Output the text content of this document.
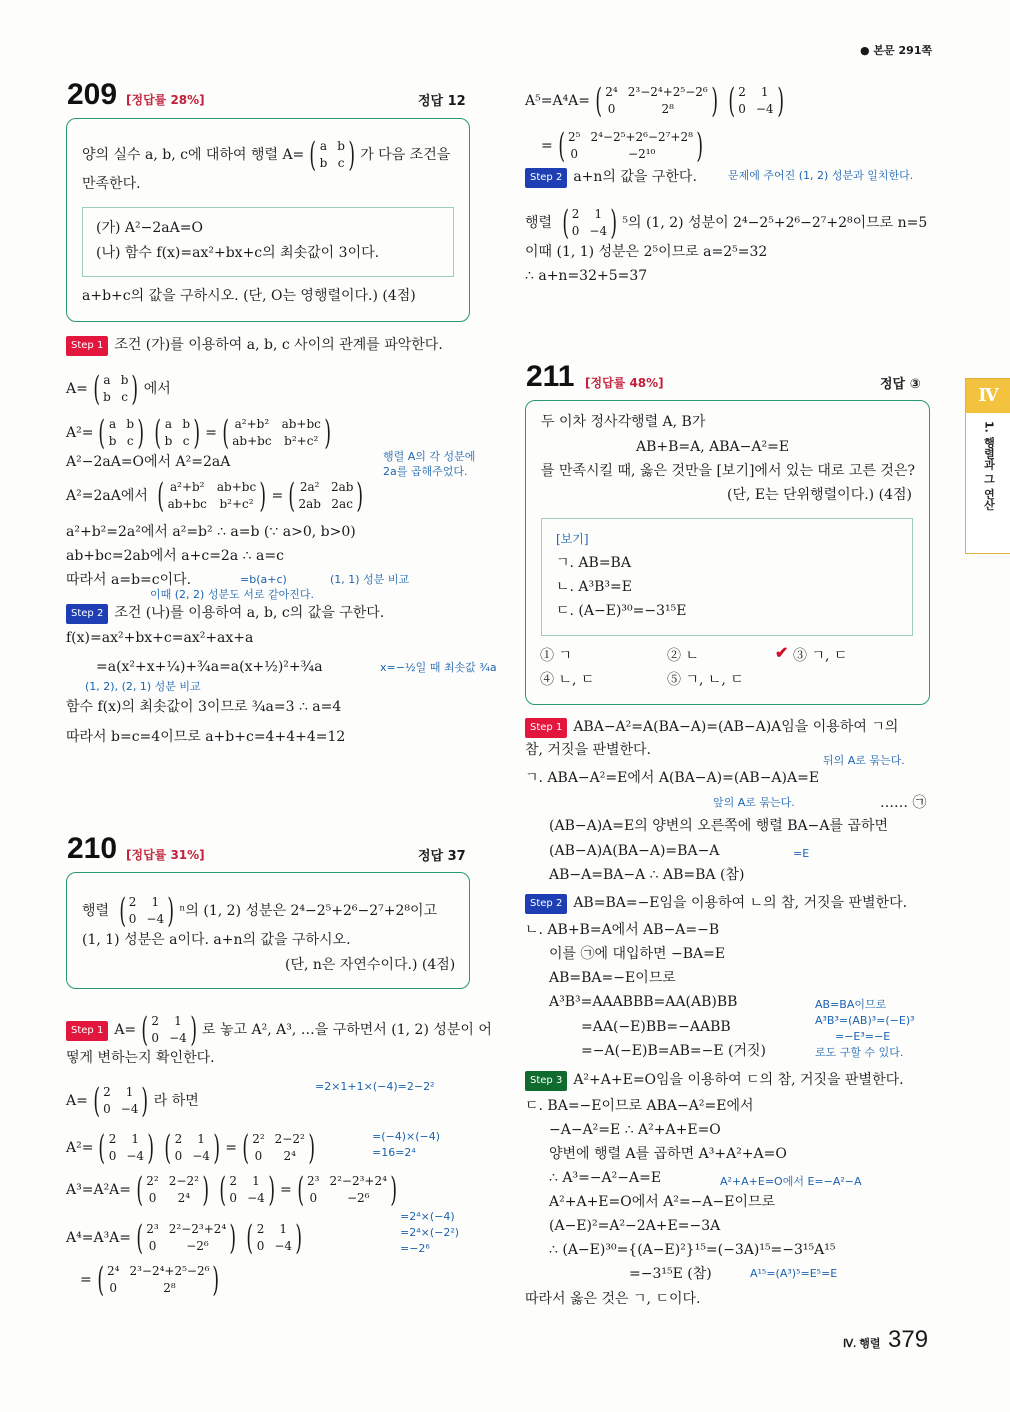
● 본문 291쪽
209 [정답률 28%]	정답 12
양의 실수 a, b, c에 대하여 행렬 A= ( a b
b c ) 가 다음 조건을
만족한다.
(가) A²−2aA=O
(나) 함수 f(x)=ax²+bx+c의 최솟값이 3이다.
a+b+c의 값을 구하시오. (단, O는 영행렬이다.) (4점)
Step 1 조건 (가)를 이용하여 a, b, c 사이의 관계를 파악한다.
A= ( a b
b c ) 에서
A²= ( a b
b c ) ( a b
b c ) = ( a²+b² ab+bc
ab+bc b²+c² )
A²−2aA=O에서 A²=2aA
A²=2aA에서 ( a²+b² ab+bc
ab+bc b²+c² ) = ( 2a² 2ab
2ab 2ac )
a²+b²=2a²에서 a²=b² ∴ a=b (∵ a>0, b>0)
ab+bc=2ab에서 a+c=2a ∴ a=c
따라서 a=b=c이다.
행렬 A의 각 성분에
2a를 곱해주었다.
=b(a+c)	(1, 1) 성분 비교
이때 (2, 2) 성분도 서로 같아진다.
Step 2 조건 (나)를 이용하여 a, b, c의 값을 구한다.
f(x)=ax²+bx+c=ax²+ax+a
=a(x²+x+¼)+¾a=a(x+½)²+¾a	x=−½일 때 최솟값 ¾a
(1, 2), (2, 1) 성분 비교
함수 f(x)의 최솟값이 3이므로 ¾a=3 ∴ a=4
따라서 b=c=4이므로 a+b+c=4+4+4=12
210 [정답률 31%]	정답 37
행렬 ( 2	1
0 −4 ) ⁿ의 (1, 2) 성분은 2⁴−2⁵+2⁶−2⁷+2⁸이고
(1, 1) 성분은 a이다. a+n의 값을 구하시오.
(단, n은 자연수이다.) (4점)
Step 1 A= ( 2	1
0 −4 ) 로 놓고 A², A³, …을 구하면서 (1, 2) 성분이 어
떻게 변하는지 확인한다.
A= ( 2	1
0 −4 ) 라 하면
A²= ( 2	1
0 −4 ) ( 2	1
0 −4 ) = ( 2² 2−2²
0	2⁴ )
A³=A²A= ( 2² 2−2²
0	2⁴ ) ( 2	1
0 −4 ) = ( 2³ 2²−2³+2⁴
0	−2⁶ )
A⁴=A³A= ( 2³ 2²−2³+2⁴
0	−2⁶ ) ( 2	1
0 −4 )
= ( 2⁴ 2³−2⁴+2⁵−2⁶
0	2⁸	)
=2×1+1×(−4)=2−2²
=(−4)×(−4)
=16=2⁴
=2⁴×(−4)
=2⁴×(−2²)
=−2⁶
A⁵=A⁴A= ( 2⁴ 2³−2⁴+2⁵−2⁶
0	2⁸	) ( 2	1
0 −4 )
= ( 2⁵ 2⁴−2⁵+2⁶−2⁷+2⁸
0	−2¹⁰	)
Step 2 a+n의 값을 구한다.	문제에 주어진 (1, 2) 성분과 일치한다.
행렬 ( 2	1
0 −4 ) ⁵의 (1, 2) 성분이 2⁴−2⁵+2⁶−2⁷+2⁸이므로 n=5
이때 (1, 1) 성분은 2⁵이므로 a=2⁵=32
∴ a+n=32+5=37
211 [정답률 48%]	정답 ③
두 이차 정사각행렬 A, B가
AB+B=A, ABA−A²=E
를 만족시킬 때, 옳은 것만을 [보기]에서 있는 대로 고른 것은?
(단, E는 단위행렬이다.) (4점)
[보기]
ㄱ. AB=BA
ㄴ. A³B³=E
ㄷ. (A−E)³⁰=−3¹⁵E
① ㄱ	② ㄴ	✔ ③ ㄱ, ㄷ
④ ㄴ, ㄷ	⑤ ㄱ, ㄴ, ㄷ
Step 1 ABA−A²=A(BA−A)=(AB−A)A임을 이용하여 ㄱ의
참, 거짓을 판별한다.
뒤의 A로 묶는다.
ㄱ. ABA−A²=E에서 A(BA−A)=(AB−A)A=E
앞의 A로 묶는다.	…… ㉠
(AB−A)A=E의 양변의 오른쪽에 행렬 BA−A를 곱하면
(AB−A)A(BA−A)=BA−A	=E
AB−A=BA−A ∴ AB=BA (참)
Step 2 AB=BA=−E임을 이용하여 ㄴ의 참, 거짓을 판별한다.
ㄴ. AB+B=A에서 AB−A=−B
이를 ㉠에 대입하면 −BA=E
AB=BA=−E이므로
A³B³=AAABBB=AA(AB)BB
=AA(−E)BB=−AABB
=−A(−E)B=AB=−E (거짓)
AB=BA이므로
A³B³=(AB)³=(−E)³
=−E³=−E
로도 구할 수 있다.
Step 3 A²+A+E=O임을 이용하여 ㄷ의 참, 거짓을 판별한다.
ㄷ. BA=−E이므로 ABA−A²=E에서
−A−A²=E ∴ A²+A+E=O
양변에 행렬 A를 곱하면 A³+A²+A=O
∴ A³=−A²−A=E	A²+A+E=O에서 E=−A²−A
A²+A+E=O에서 A²=−A−E이므로
(A−E)²=A²−2A+E=−3A
∴ (A−E)³⁰={(A−E)²}¹⁵=(−3A)¹⁵=−3¹⁵A¹⁵
=−3¹⁵E (참)	A¹⁵=(A³)⁵=E⁵=E
따라서 옳은 것은 ㄱ, ㄷ이다.
Ⅳ
1. 행렬과 그 연산
Ⅳ. 행렬 379
